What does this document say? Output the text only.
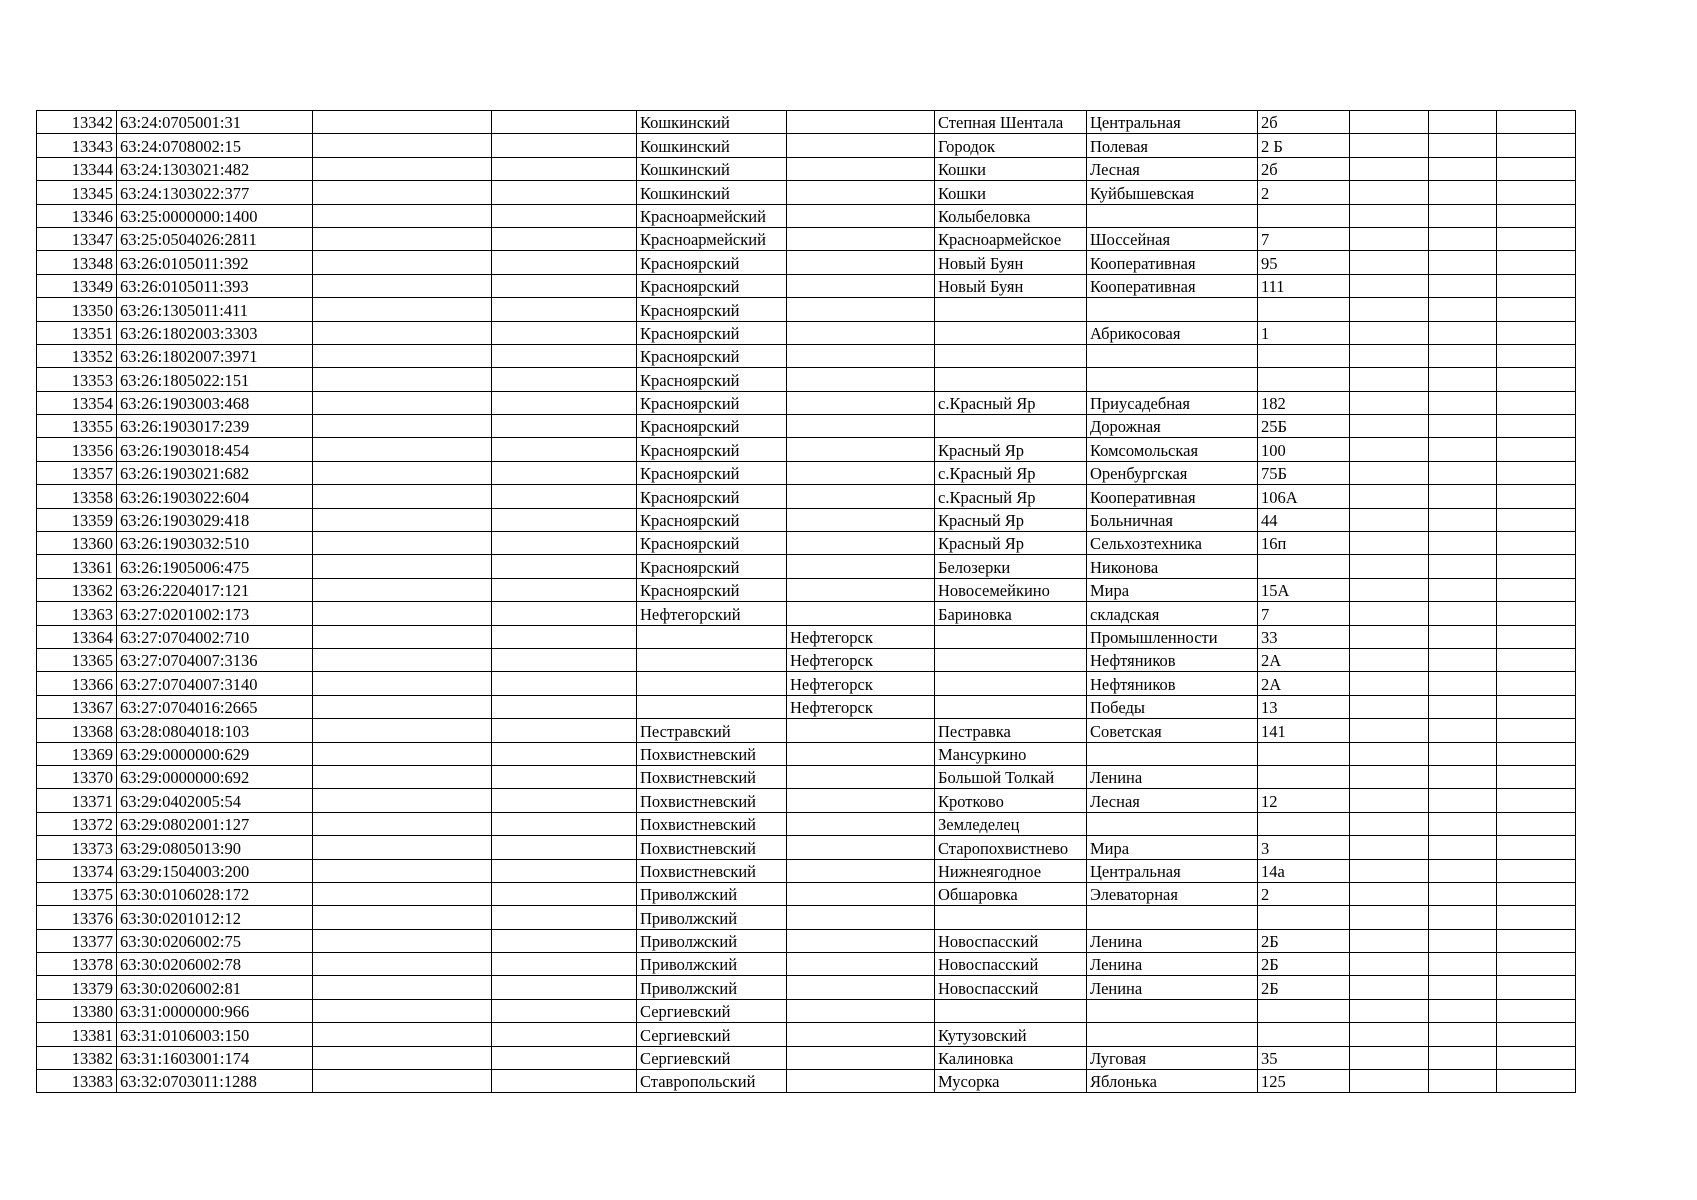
13342	63:24:0705001:31			Кошкинский		Степная Шентала	Центральная	2б			
13343	63:24:0708002:15			Кошкинский		Городок	Полевая	2 Б			
13344	63:24:1303021:482			Кошкинский		Кошки	Лесная	2б			
13345	63:24:1303022:377			Кошкинский		Кошки	Куйбышевская	2			
13346	63:25:0000000:1400			Красноармейский		Колыбеловка					
13347	63:25:0504026:2811			Красноармейский		Красноармейское	Шоссейная	7			
13348	63:26:0105011:392			Красноярский		Новый Буян	Кооперативная	95			
13349	63:26:0105011:393			Красноярский		Новый Буян	Кооперативная	111			
13350	63:26:1305011:411			Красноярский							
13351	63:26:1802003:3303			Красноярский			Абрикосовая	1			
13352	63:26:1802007:3971			Красноярский							
13353	63:26:1805022:151			Красноярский							
13354	63:26:1903003:468			Красноярский		с.Красный Яр	Приусадебная	182			
13355	63:26:1903017:239			Красноярский			Дорожная	25Б			
13356	63:26:1903018:454			Красноярский		Красный Яр	Комсомольская	100			
13357	63:26:1903021:682			Красноярский		с.Красный Яр	Оренбургская	75Б			
13358	63:26:1903022:604			Красноярский		с.Красный Яр	Кооперативная	106А			
13359	63:26:1903029:418			Красноярский		Красный Яр	Больничная	44			
13360	63:26:1903032:510			Красноярский		Красный Яр	Сельхозтехника	16п			
13361	63:26:1905006:475			Красноярский		Белозерки	Никонова				
13362	63:26:2204017:121			Красноярский		Новосемейкино	Мира	15А			
13363	63:27:0201002:173			Нефтегорский		Бариновка	складская	7			
13364	63:27:0704002:710				Нефтегорск		Промышленности	33			
13365	63:27:0704007:3136				Нефтегорск		Нефтяников	2А			
13366	63:27:0704007:3140				Нефтегорск		Нефтяников	2А			
13367	63:27:0704016:2665				Нефтегорск		Победы	13			
13368	63:28:0804018:103			Пестравский		Пестравка	Советская	141			
13369	63:29:0000000:629			Похвистневский		Мансуркино					
13370	63:29:0000000:692			Похвистневский		Большой Толкай	Ленина				
13371	63:29:0402005:54			Похвистневский		Кротково	Лесная	12			
13372	63:29:0802001:127			Похвистневский		Земледелец					
13373	63:29:0805013:90			Похвистневский		Старопохвистнево	Мира	3			
13374	63:29:1504003:200			Похвистневский		Нижнеягодное	Центральная	14а			
13375	63:30:0106028:172			Приволжский		Обшаровка	Элеваторная	2			
13376	63:30:0201012:12			Приволжский							
13377	63:30:0206002:75			Приволжский		Новоспасский	Ленина	2Б			
13378	63:30:0206002:78			Приволжский		Новоспасский	Ленина	2Б			
13379	63:30:0206002:81			Приволжский		Новоспасский	Ленина	2Б			
13380	63:31:0000000:966			Сергиевский							
13381	63:31:0106003:150			Сергиевский		Кутузовский					
13382	63:31:1603001:174			Сергиевский		Калиновка	Луговая	35			
13383	63:32:0703011:1288			Ставропольский		Мусорка	Яблонька	125			
